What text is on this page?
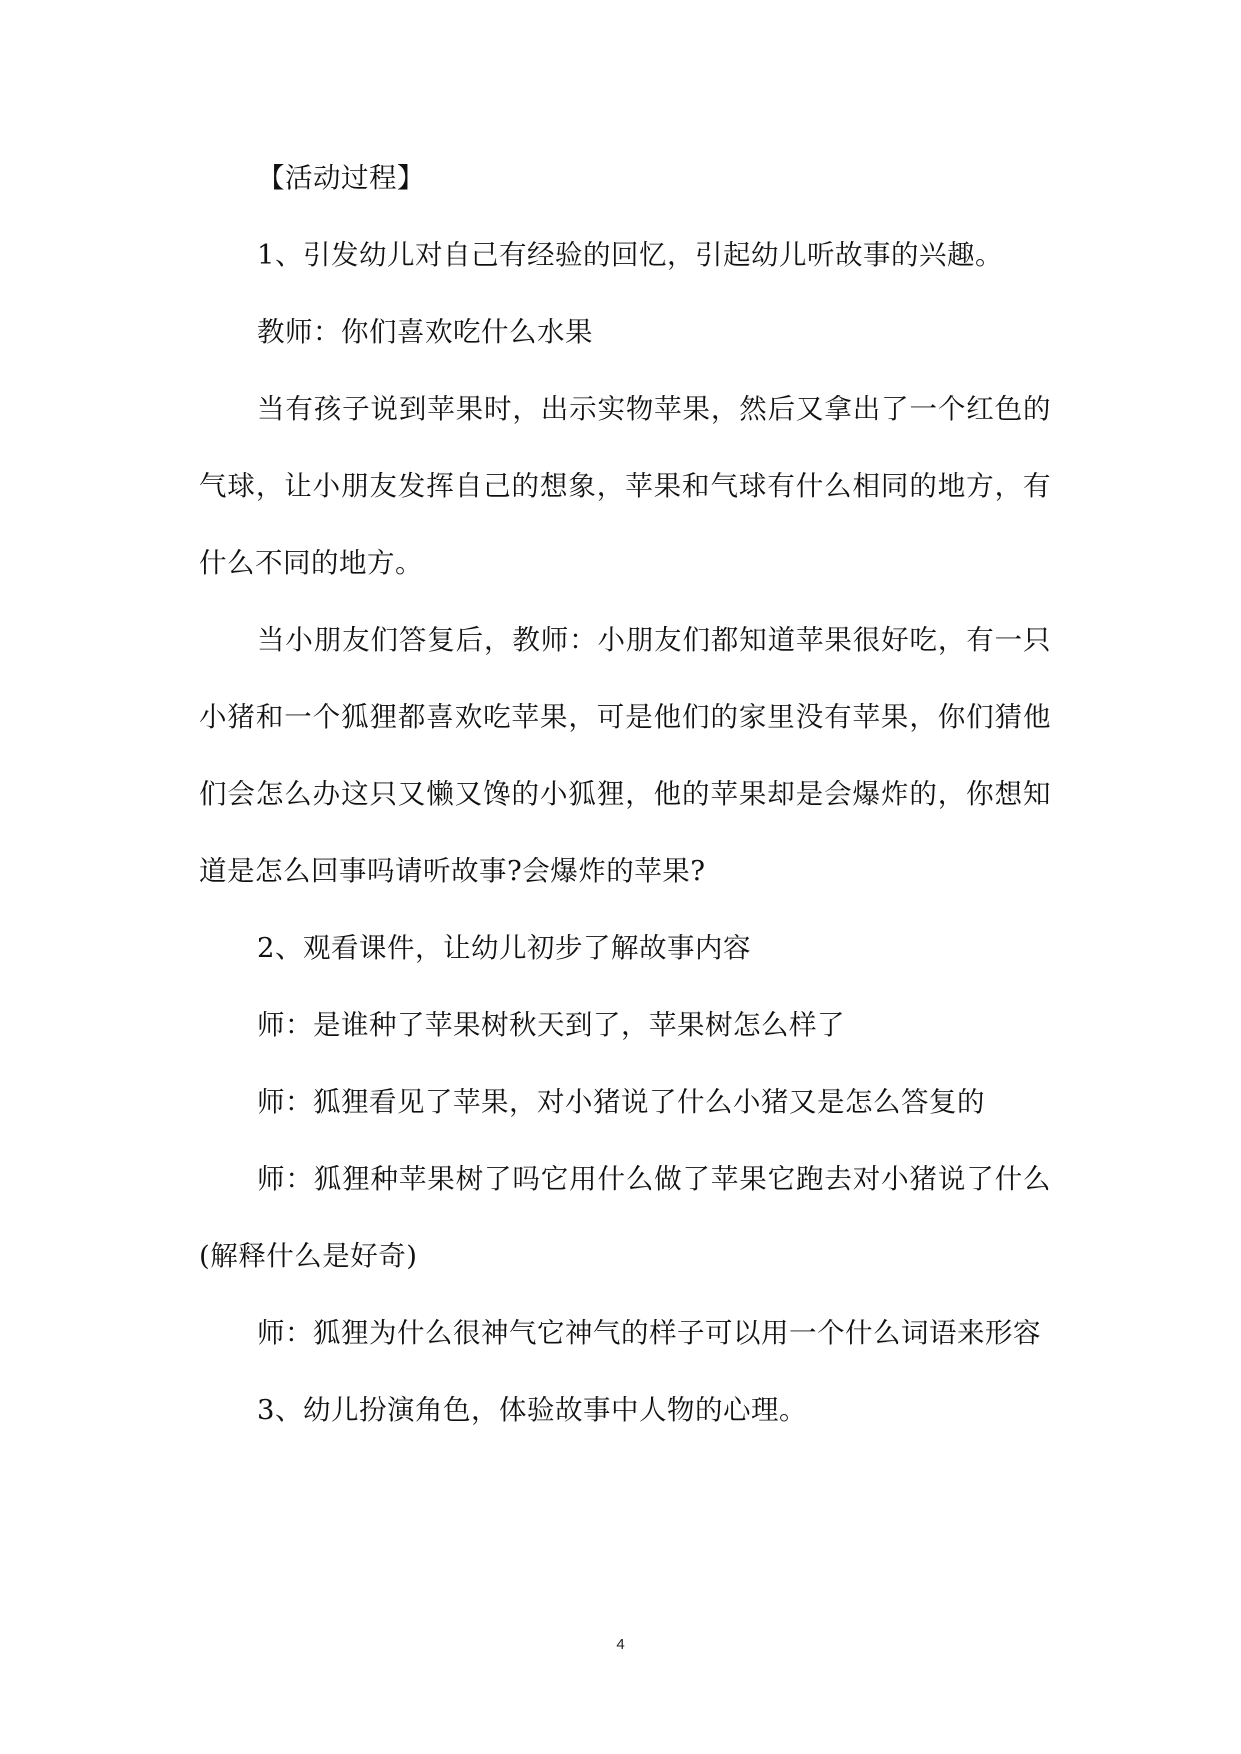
【活动过程】

1、引发幼儿对自己有经验的回忆，引起幼儿听故事的兴趣。

教师：你们喜欢吃什么水果

当有孩子说到苹果时，出示实物苹果，然后又拿出了一个红色的气球，让小朋友发挥自己的想象，苹果和气球有什么相同的地方，有什么不同的地方。

当小朋友们答复后，教师：小朋友们都知道苹果很好吃，有一只小猪和一个狐狸都喜欢吃苹果，可是他们的家里没有苹果，你们猜他们会怎么办这只又懒又馋的小狐狸，他的苹果却是会爆炸的，你想知道是怎么回事吗请听故事?会爆炸的苹果?

2、观看课件，让幼儿初步了解故事内容

师：是谁种了苹果树秋天到了，苹果树怎么样了

师：狐狸看见了苹果，对小猪说了什么小猪又是怎么答复的

师：狐狸种苹果树了吗它用什么做了苹果它跑去对小猪说了什么(解释什么是好奇)

师：狐狸为什么很神气它神气的样子可以用一个什么词语来形容

3、幼儿扮演角色，体验故事中人物的心理。

4
